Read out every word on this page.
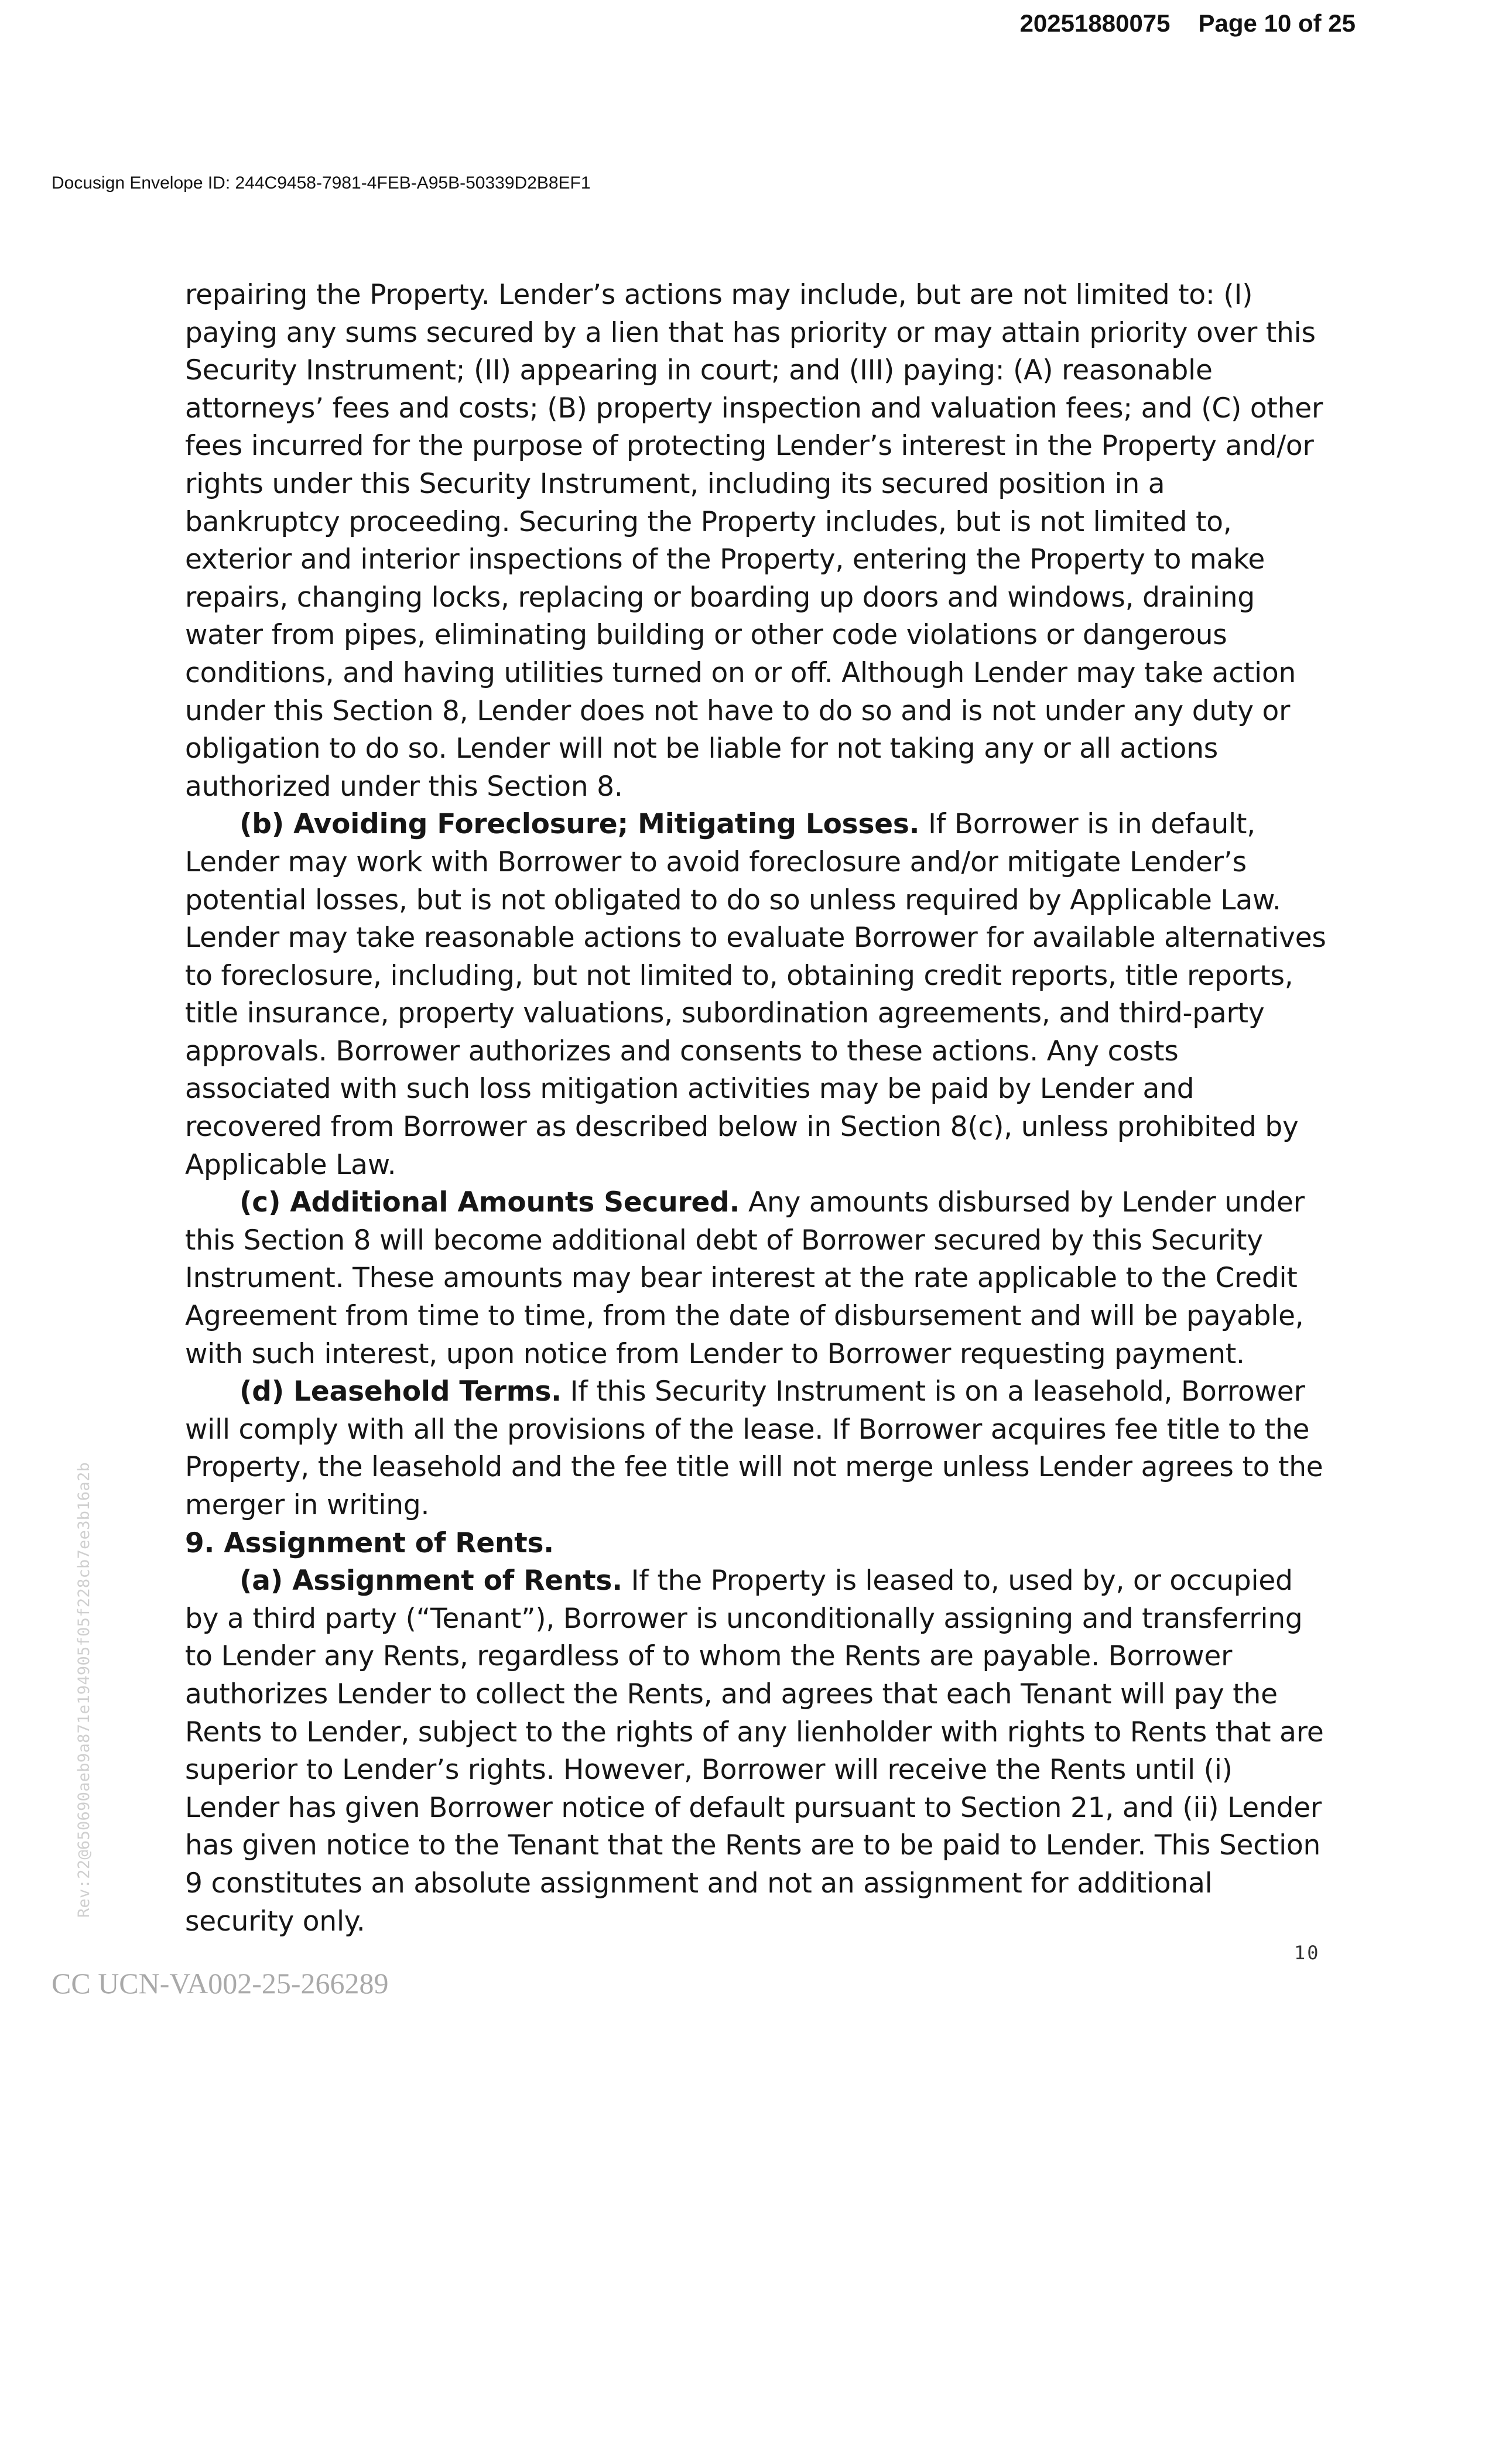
20251880075 Page 10 of 25
Docusign Envelope ID: 244C9458-7981-4FEB-A95B-50339D2B8EF1

repairing the Property. Lender’s actions may include, but are not limited to: (I) paying any sums secured by a lien that has priority or may attain priority over this Security Instrument; (II) appearing in court; and (III) paying: (A) reasonable attorneys’ fees and costs; (B) property inspection and valuation fees; and (C) other fees incurred for the purpose of protecting Lender’s interest in the Property and/or rights under this Security Instrument, including its secured position in a bankruptcy proceeding. Securing the Property includes, but is not limited to, exterior and interior inspections of the Property, entering the Property to make repairs, changing locks, replacing or boarding up doors and windows, draining water from pipes, eliminating building or other code violations or dangerous conditions, and having utilities turned on or off. Although Lender may take action under this Section 8, Lender does not have to do so and is not under any duty or obligation to do so. Lender will not be liable for not taking any or all actions authorized under this Section 8.

(b) Avoiding Foreclosure; Mitigating Losses. If Borrower is in default, Lender may work with Borrower to avoid foreclosure and/or mitigate Lender’s potential losses, but is not obligated to do so unless required by Applicable Law. Lender may take reasonable actions to evaluate Borrower for available alternatives to foreclosure, including, but not limited to, obtaining credit reports, title reports, title insurance, property valuations, subordination agreements, and third-party approvals. Borrower authorizes and consents to these actions. Any costs associated with such loss mitigation activities may be paid by Lender and recovered from Borrower as described below in Section 8(c), unless prohibited by Applicable Law.

(c) Additional Amounts Secured. Any amounts disbursed by Lender under this Section 8 will become additional debt of Borrower secured by this Security Instrument. These amounts may bear interest at the rate applicable to the Credit Agreement from time to time, from the date of disbursement and will be payable, with such interest, upon notice from Lender to Borrower requesting payment.

(d) Leasehold Terms. If this Security Instrument is on a leasehold, Borrower will comply with all the provisions of the lease. If Borrower acquires fee title to the Property, the leasehold and the fee title will not merge unless Lender agrees to the merger in writing.

9. Assignment of Rents.

(a) Assignment of Rents. If the Property is leased to, used by, or occupied by a third party (“Tenant”), Borrower is unconditionally assigning and transferring to Lender any Rents, regardless of to whom the Rents are payable. Borrower authorizes Lender to collect the Rents, and agrees that each Tenant will pay the Rents to Lender, subject to the rights of any lienholder with rights to Rents that are superior to Lender’s rights. However, Borrower will receive the Rents until (i) Lender has given Borrower notice of default pursuant to Section 21, and (ii) Lender has given notice to the Tenant that the Rents are to be paid to Lender. This Section 9 constitutes an absolute assignment and not an assignment for additional security only.

Rev:22@650690aeb9a871e194905f05f228cb7ee3b16a2b
10
CC UCN-VA002-25-266289
